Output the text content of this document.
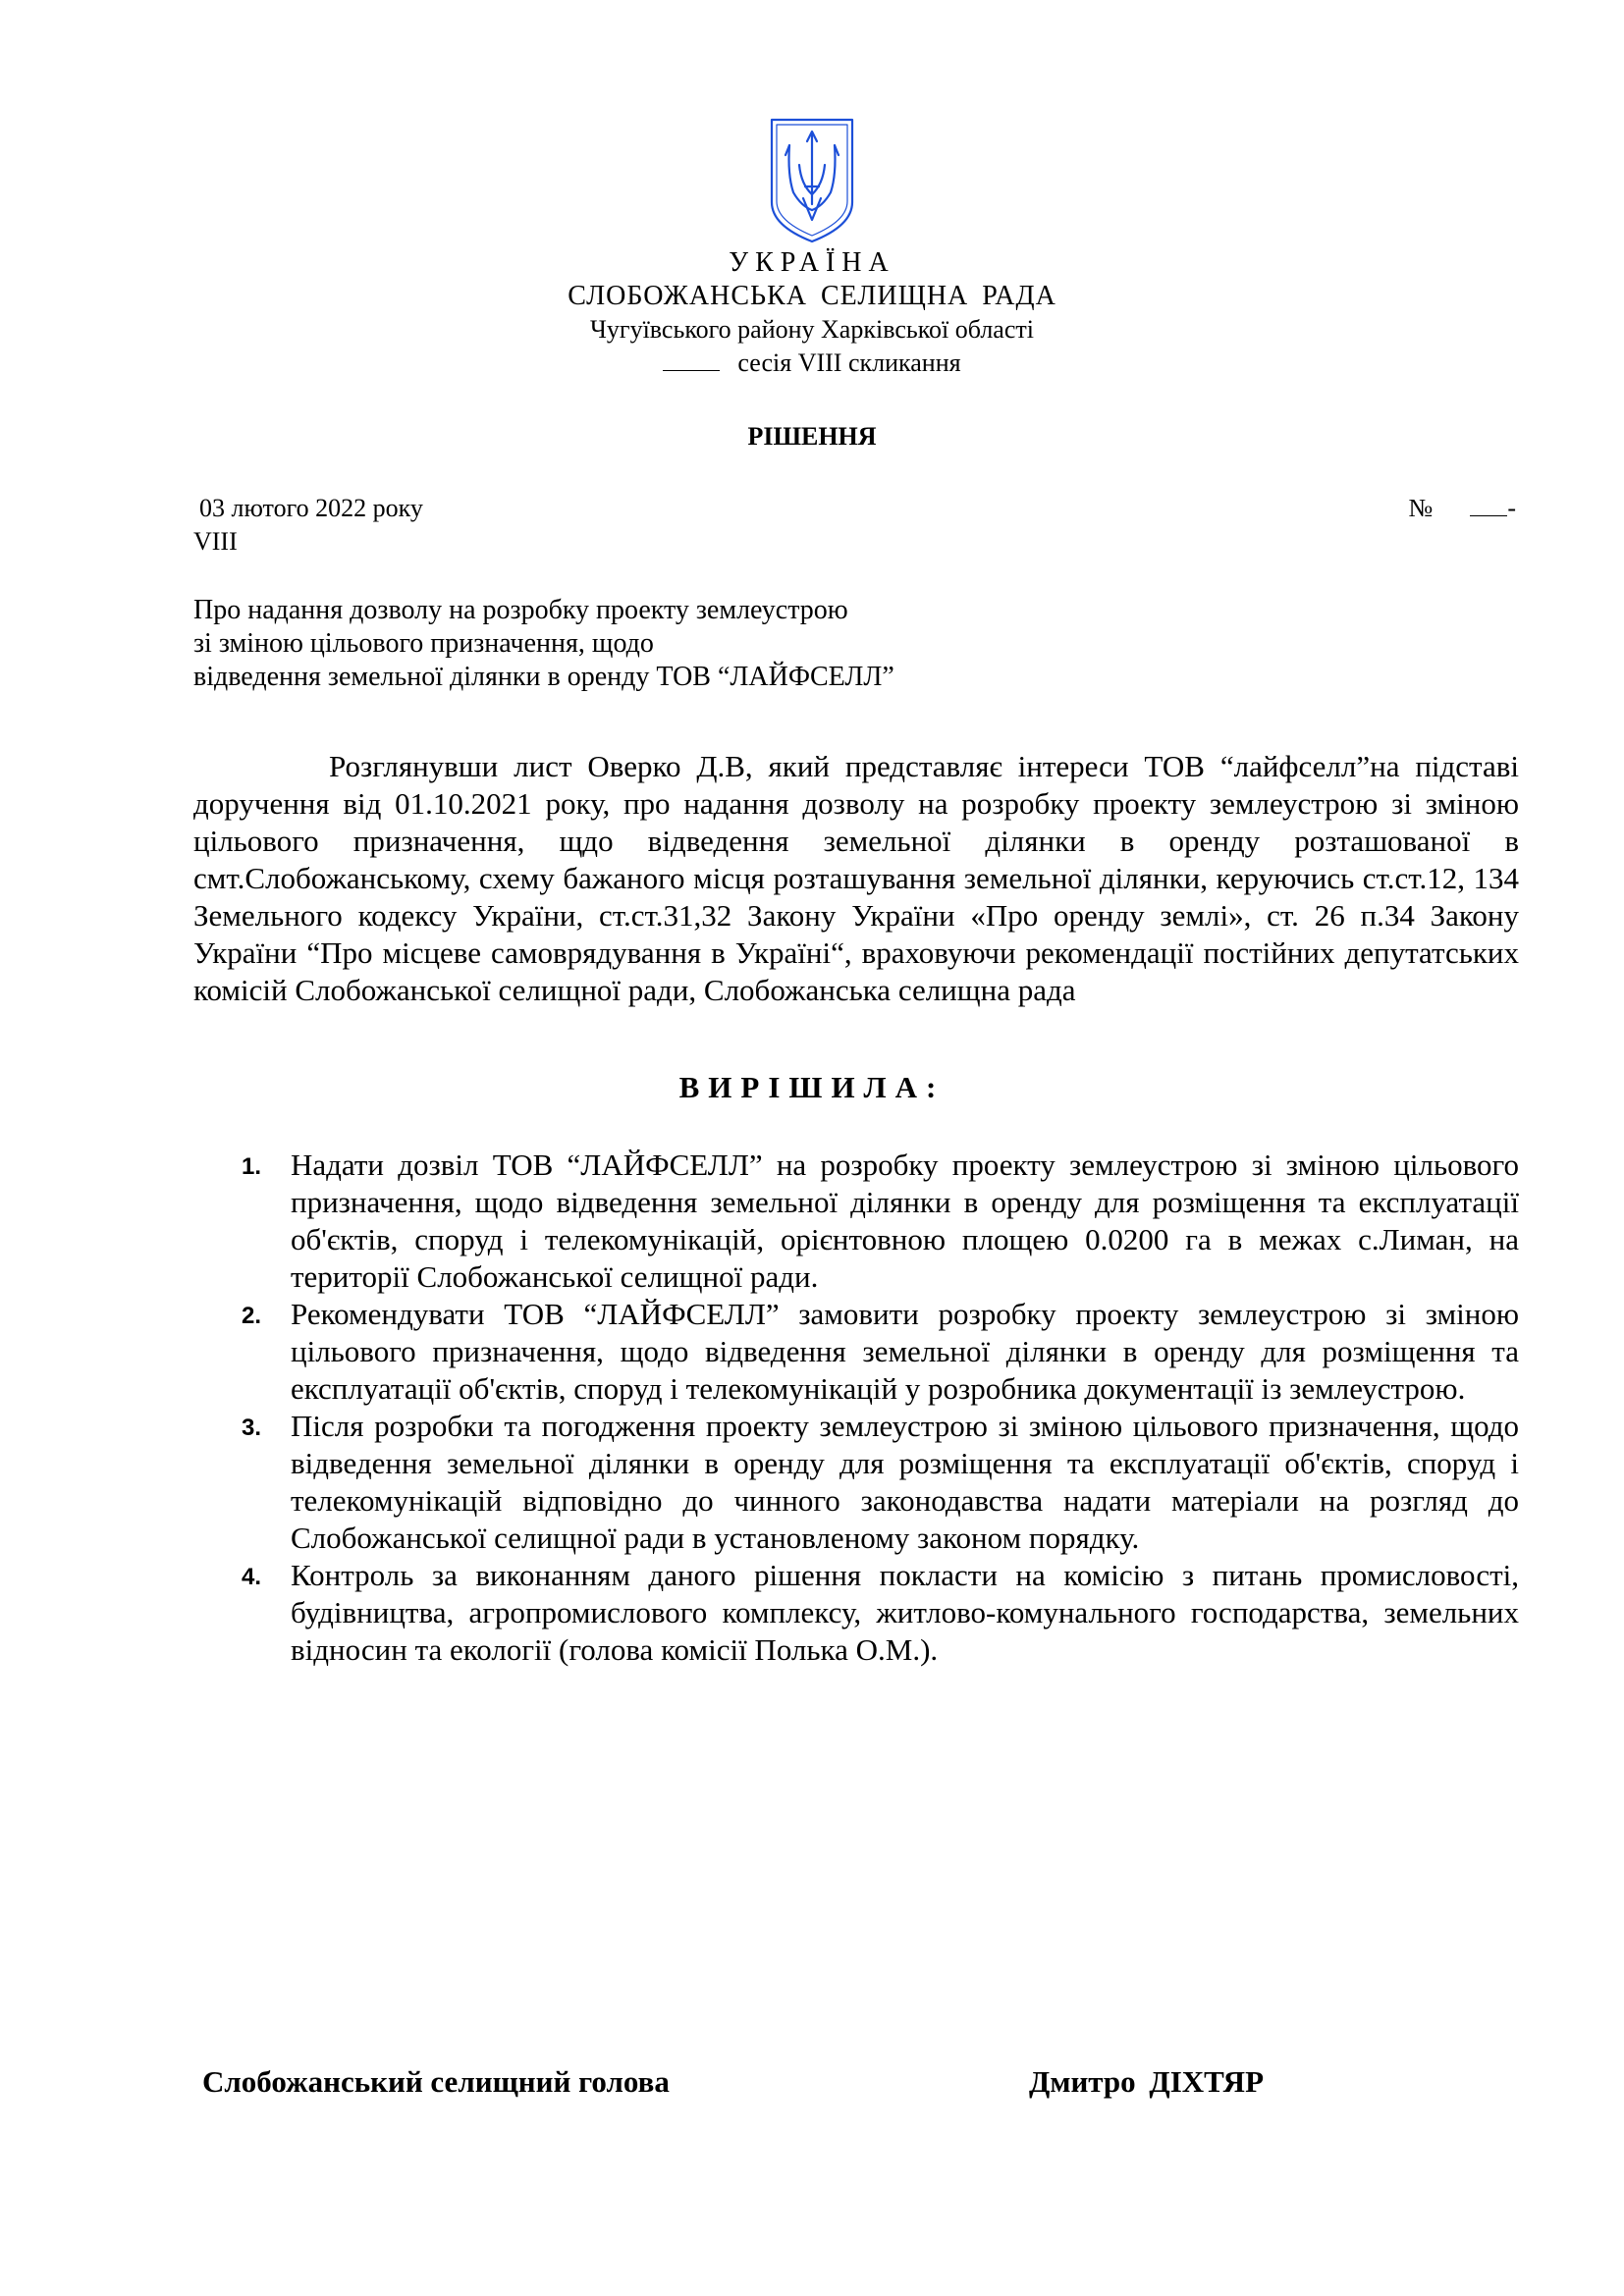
УКРАЇНА
СЛОБОЖАНСЬКА СЕЛИЩНА РАДА
Чугуївського району Харківської області
сесія VIII скликання
РІШЕННЯ
03 лютого 2022 року	№	-
VIII
Про надання дозволу на розробку проекту землеустрою
зі зміною цільового призначення, щодо
відведення земельної ділянки в оренду ТОВ “ЛАЙФСЕЛЛ”
Розглянувши лист Оверко Д.В, який представляє інтереси ТОВ “лайфселл”на підставі доручення від 01.10.2021 року, про надання дозволу на розробку проекту землеустрою зі зміною цільового призначення, щдо відведення земельної ділянки в оренду розташованої в смт.Слобожанському, схему бажаного місця розташування земельної ділянки, керуючись ст.ст.12, 134 Земельного кодексу України, ст.ст.31,32 Закону України «Про оренду землі», ст. 26 п.34 Закону України “Про місцеве самоврядування в Україні“, враховуючи рекомендації постійних депутатських комісій Слобожанської селищної ради, Слобожанська селищна рада
ВИРІШИЛА:
1. Надати дозвіл ТОВ “ЛАЙФСЕЛЛ” на розробку проекту землеустрою зі зміною цільового призначення, щодо відведення земельної ділянки в оренду для розміщення та експлуатації об'єктів, споруд і телекомунікацій, орієнтовною площею 0.0200 га в межах с.Лиман, на території Слобожанської селищної ради.
2. Рекомендувати ТОВ “ЛАЙФСЕЛЛ” замовити розробку проекту землеустрою зі зміною цільового призначення, щодо відведення земельної ділянки в оренду для розміщення та експлуатації об'єктів, споруд і телекомунікацій у розробника документації із землеустрою.
3. Після розробки та погодження проекту землеустрою зі зміною цільового призначення, щодо відведення земельної ділянки в оренду для розміщення та експлуатації об'єктів, споруд і телекомунікацій відповідно до чинного законодавства надати матеріали на розгляд до Слобожанської селищної ради в установленому законом порядку.
4. Контроль за виконанням даного рішення покласти на комісію з питань промисловості, будівництва, агропромислового комплексу, житлово-комунального господарства, земельних відносин та екології (голова комісії Полька О.М.).
Слобожанський селищний голова	Дмитро ДІХТЯР
